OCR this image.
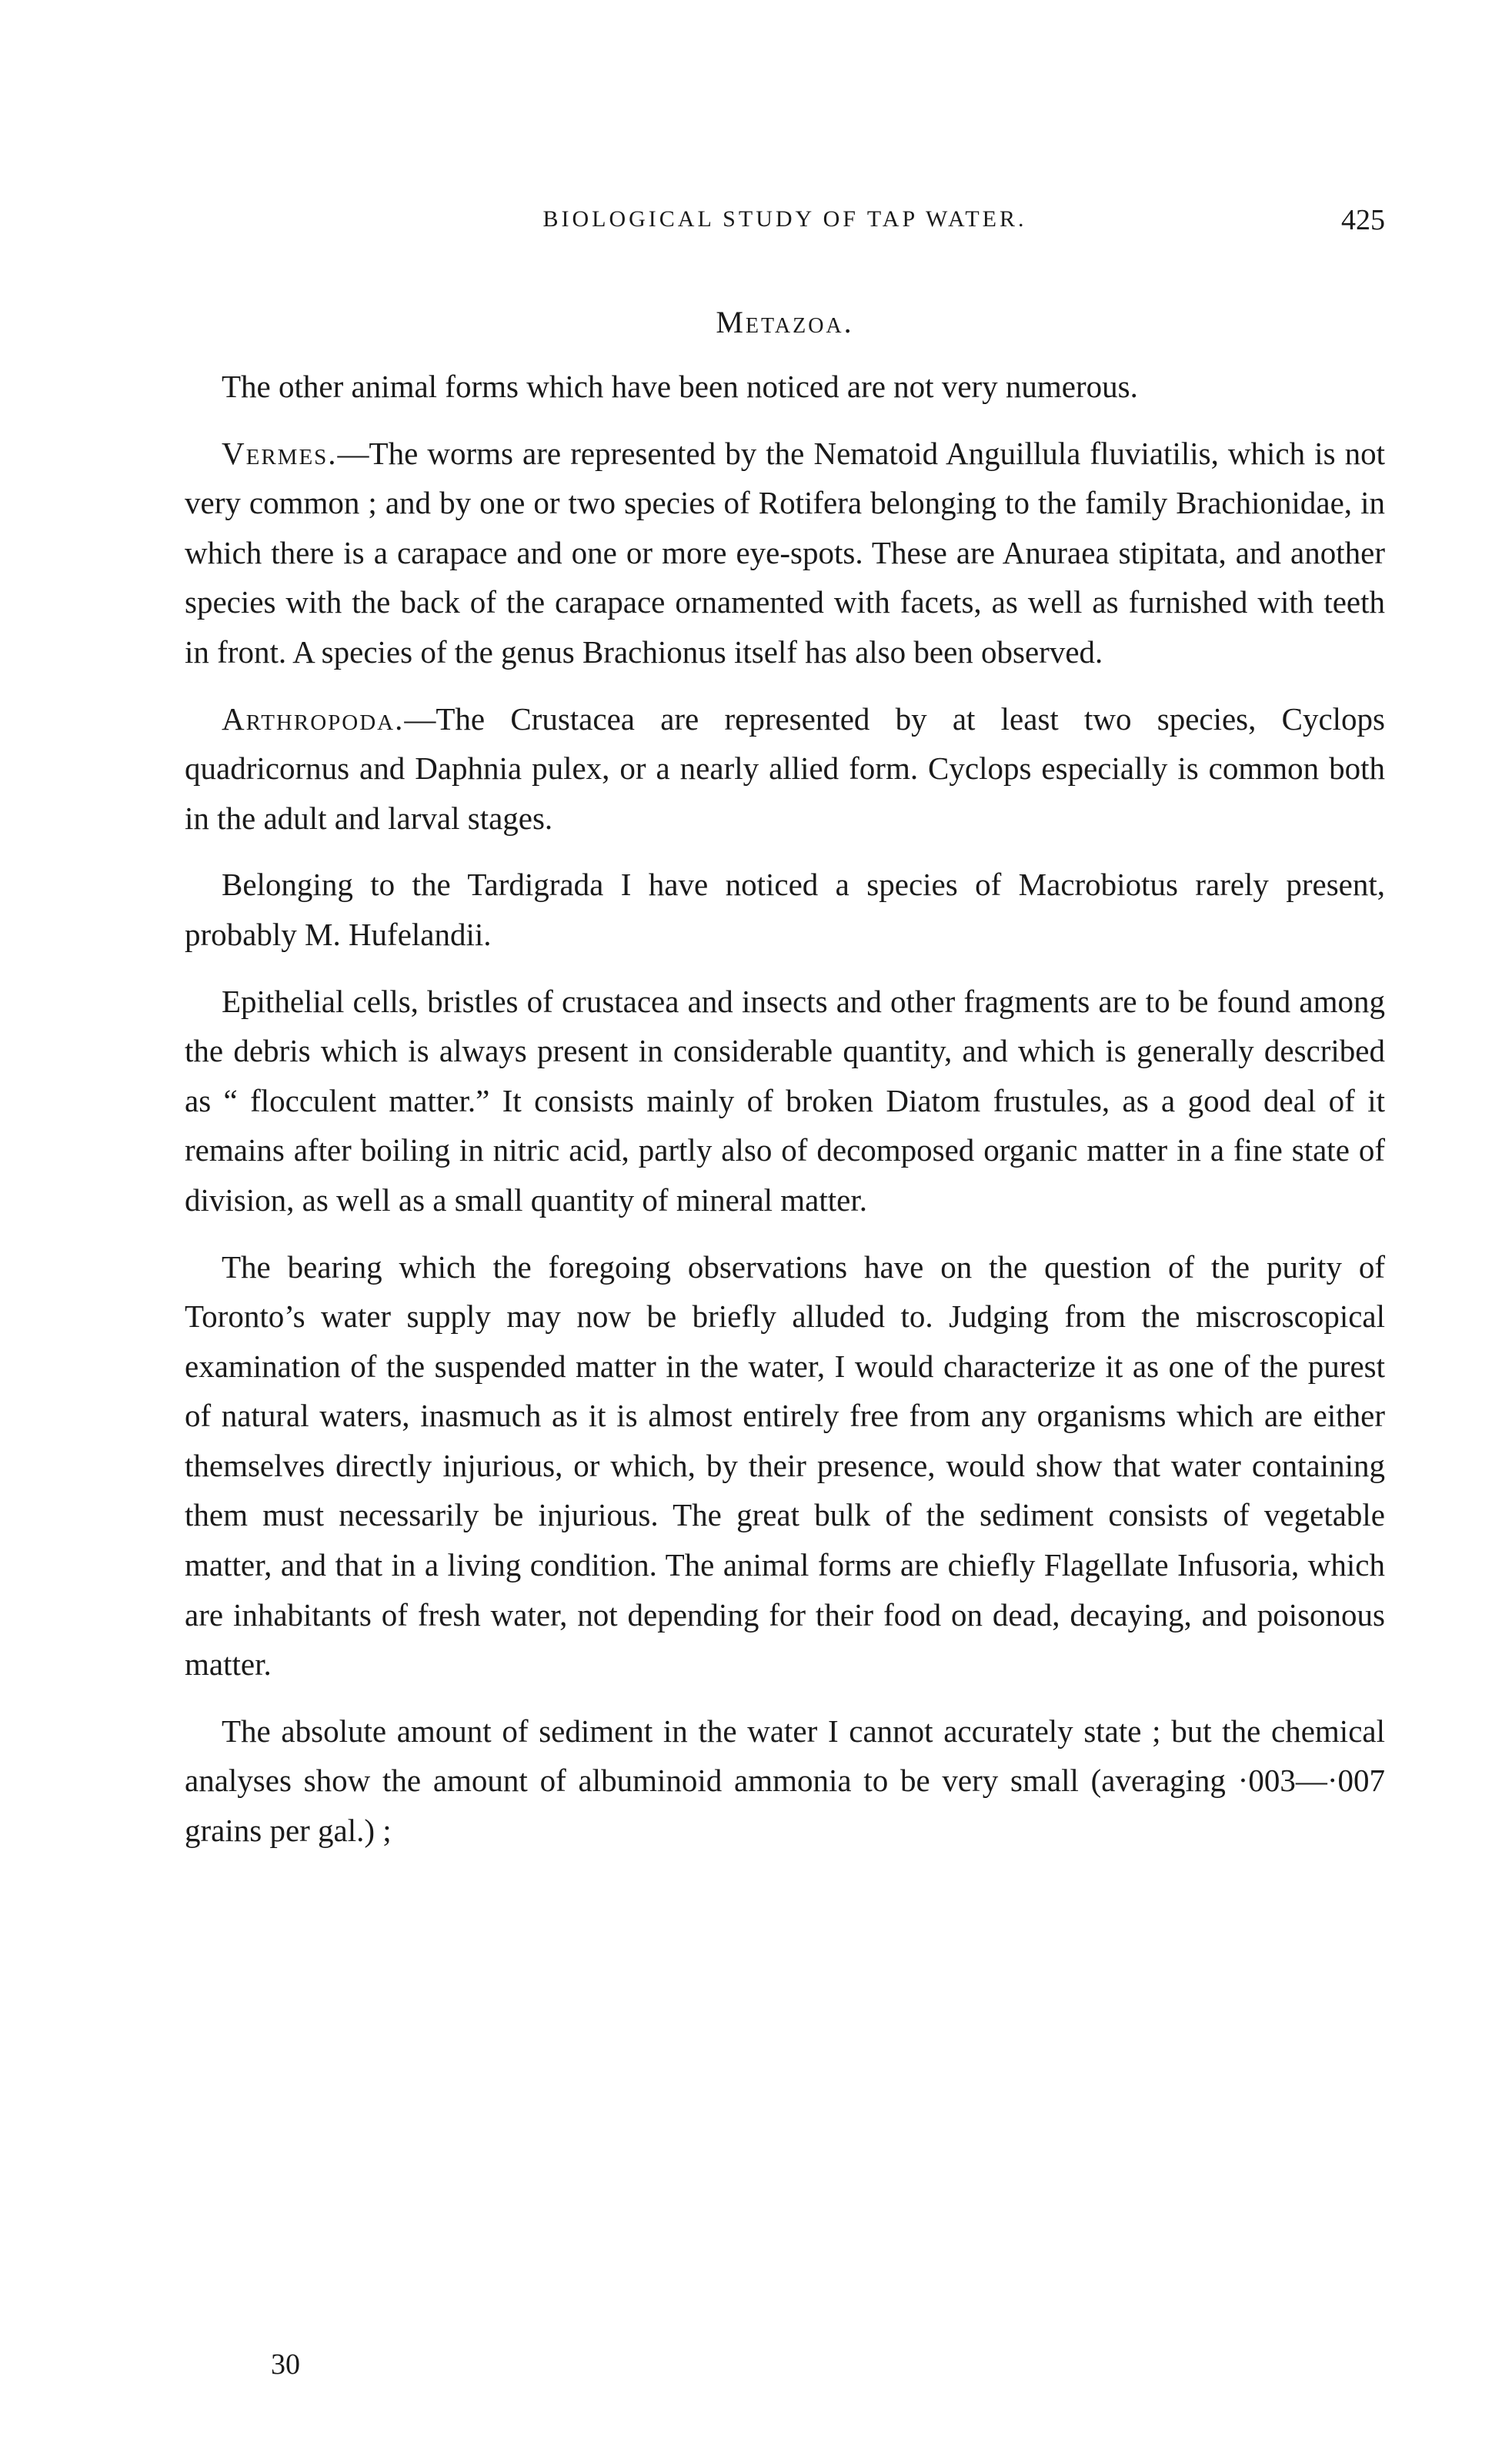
BIOLOGICAL STUDY OF TAP WATER.	425
Metazoa.

The other animal forms which have been noticed are not very numerous.

Vermes.—The worms are represented by the Nematoid Anguillula fluviatilis, which is not very common ; and by one or two species of Rotifera belonging to the family Brachionidae, in which there is a carapace and one or more eye-spots. These are Anuraea stipitata, and another species with the back of the carapace ornamented with facets, as well as furnished with teeth in front. A species of the genus Brachionus itself has also been observed.

Arthropoda.—The Crustacea are represented by at least two species, Cyclops quadricornus and Daphnia pulex, or a nearly allied form. Cyclops especially is common both in the adult and larval stages.

Belonging to the Tardigrada I have noticed a species of Macrobiotus rarely present, probably M. Hufelandii.

Epithelial cells, bristles of crustacea and insects and other fragments are to be found among the debris which is always present in considerable quantity, and which is generally described as “ flocculent matter.” It consists mainly of broken Diatom frustules, as a good deal of it remains after boiling in nitric acid, partly also of decomposed organic matter in a fine state of division, as well as a small quantity of mineral matter.

The bearing which the foregoing observations have on the question of the purity of Toronto’s water supply may now be briefly alluded to. Judging from the miscroscopical examination of the suspended matter in the water, I would characterize it as one of the purest of natural waters, inasmuch as it is almost entirely free from any organisms which are either themselves directly injurious, or which, by their presence, would show that water containing them must necessarily be injurious. The great bulk of the sediment consists of vegetable matter, and that in a living condition. The animal forms are chiefly Flagellate Infusoria, which are inhabitants of fresh water, not depending for their food on dead, decaying, and poisonous matter.

The absolute amount of sediment in the water I cannot accurately state ; but the chemical analyses show the amount of albuminoid ammonia to be very small (averaging ·003—·007 grains per gal.) ;

30
